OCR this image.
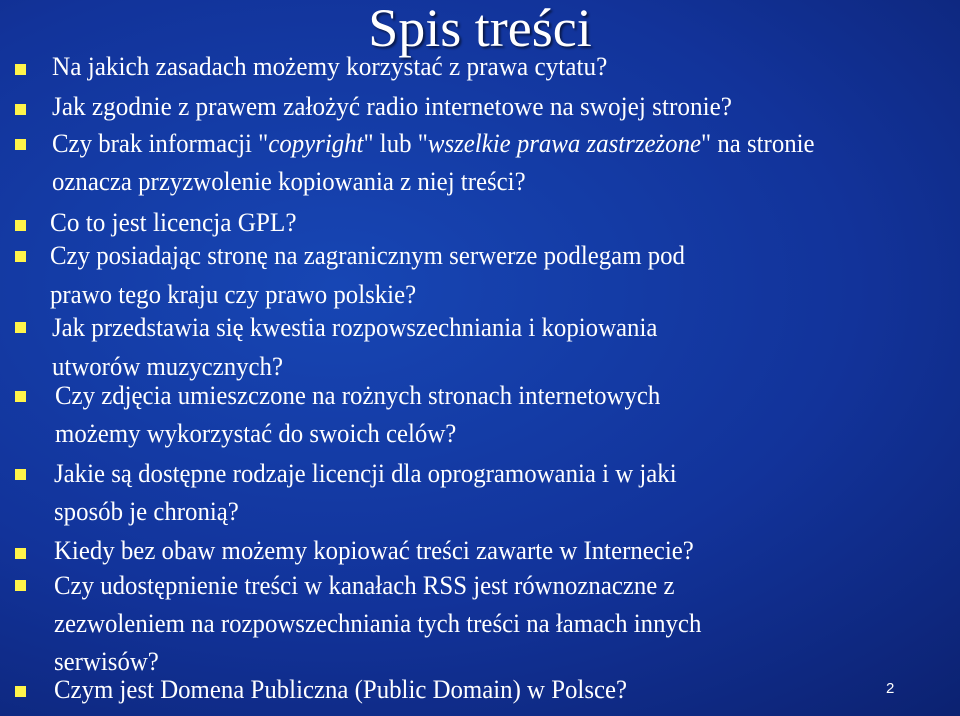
Spis treści
Na jakich zasadach możemy korzystać z prawa cytatu?
Jak zgodnie z prawem założyć radio internetowe na swojej stronie?
Czy brak informacji "copyright" lub "wszelkie prawa zastrzeżone" na stronie
oznacza przyzwolenie kopiowania z niej treści?
Co to jest licencja GPL?
Czy posiadając stronę na zagranicznym serwerze podlegam pod
prawo tego kraju czy prawo polskie?
Jak przedstawia się kwestia rozpowszechniania i kopiowania
utworów muzycznych?
Czy zdjęcia umieszczone na rożnych stronach internetowych
możemy wykorzystać do swoich celów?
Jakie są dostępne rodzaje licencji dla oprogramowania i w jaki
sposób je chronią?
Kiedy bez obaw możemy kopiować treści zawarte w Internecie?
Czy udostępnienie treści w kanałach RSS jest równoznaczne z
zezwoleniem na rozpowszechniania tych treści na łamach innych
serwisów?
Czym jest Domena Publiczna (Public Domain) w Polsce?	2
